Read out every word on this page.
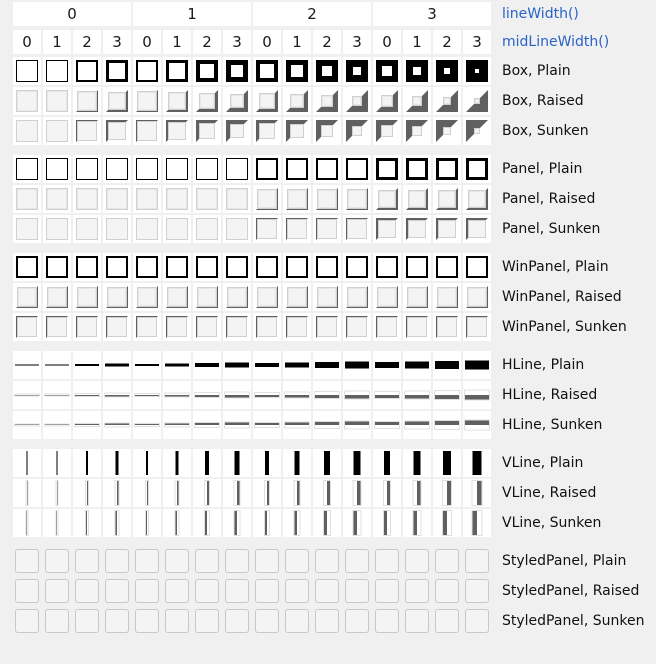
0	1	2	3	lineWidth()
0	1	2	3	0	1	2	3	0	1	2	3	0	1	2	3	midLineWidth()
Box, Plain
Box, Raised
Box, Sunken
Panel, Plain
Panel, Raised
Panel, Sunken
WinPanel, Plain
WinPanel, Raised
WinPanel, Sunken
HLine, Plain
HLine, Raised
HLine, Sunken
VLine, Plain
VLine, Raised
VLine, Sunken
StyledPanel, Plain
StyledPanel, Raised
StyledPanel, Sunken
